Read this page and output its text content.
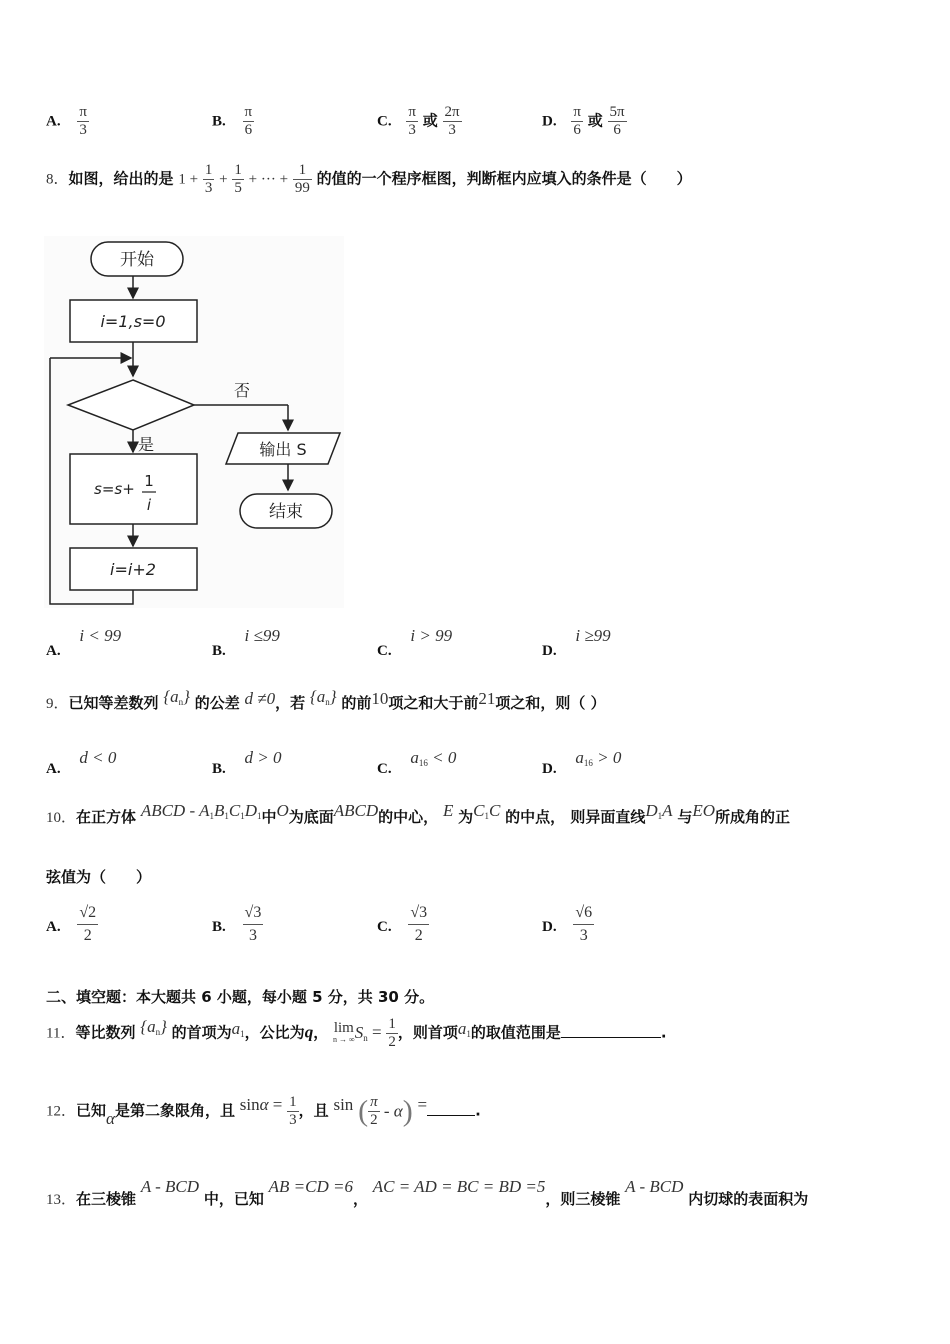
A. $\frac{\pi}{3}$	B. $\frac{\pi}{6}$	C. $\frac{\pi}{3}$ 或 $\frac{2\pi}{3}$	D. $\frac{\pi}{6}$ 或 $\frac{5\pi}{6}$
8．如图，给出的是 $1 + \frac{1}{3} + \frac{1}{5}$ + ··· + $\frac{1}{99}$ 的值的一个程序框图，判断框内应填入的条件是（　　）
开始
i=1,s=0
否
是	输出 S
结束
s=s+ 1
i
i=i+2
A. i < 99
B. i ≤99
C. i > 99
D. i ≥99
9．已知等差数列 $\{a_n\}$ 的公差 d ≠0，若 $\{a_n\}$ 的前10项之和大于前21项之和，则（ ）
A. d < 0
B. d > 0
C. $a_{16} < 0$
D. $a_{16} > 0$
10．在正方体 ABCD - $A_1B_1C_1D_1$中O为底面ABCD的中心， E 为$C_1C$ 的中点， 则异面直线$D_1A$ 与EO所成角的正
弦值为（　　）
A. $\frac{√2}{2}$	B. $\frac{√3}{3}$	C. $\frac{√3}{2}$	D. $\frac{√6}{3}$
二、填空题：本大题共 6 小题，每小题 5 分，共 30 分。
11．等比数列 $\{a_n\}$ 的首项为$a_1$，公比为q， lim
n → ∞ $S_n = \frac{1}{2}$ ，则首项$a_1$的取值范围是	.
12．已知α是第二象限角，且 $\sin\alpha = \frac{1}{3}$ ，且 sin ( $\frac{\pi}{2} - \alpha$) =	.
13．在三棱锥 A - BCD 中，已知 AB =CD =6， AC = AD = BC = BD =5，则三棱锥 A - BCD 内切球的表面积为
